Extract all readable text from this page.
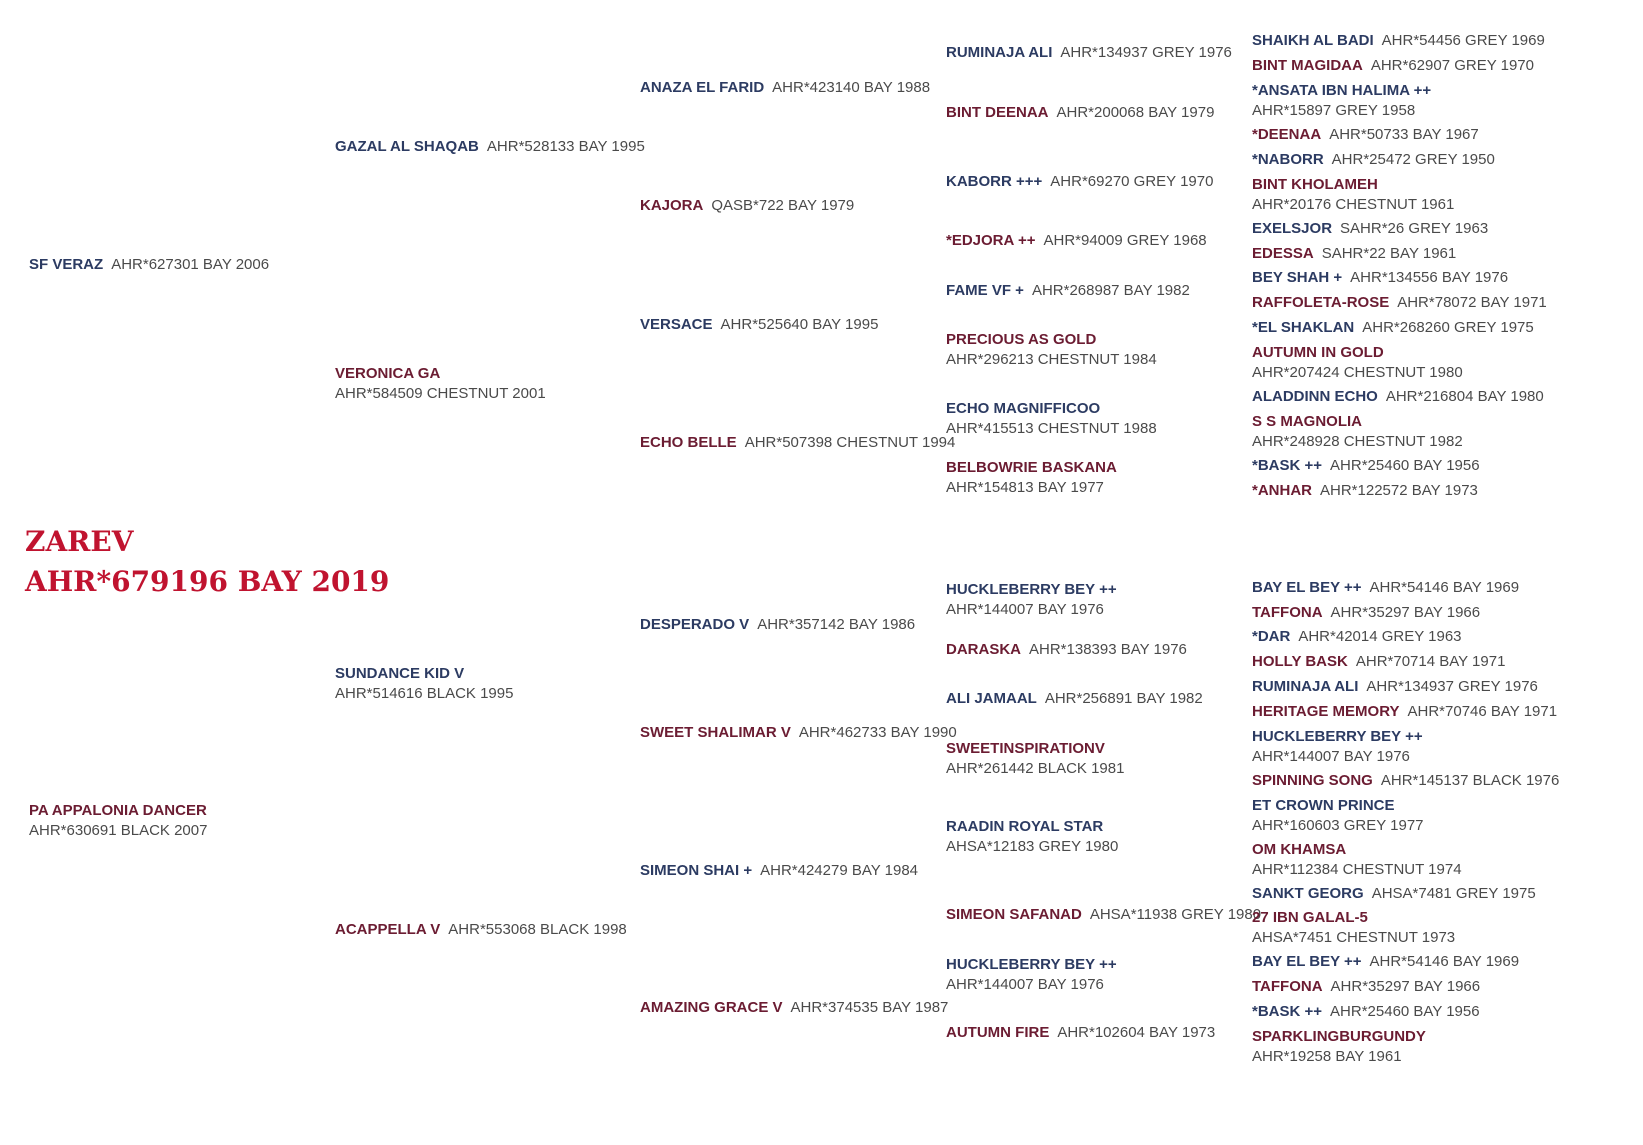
ZAREV
AHR*679196 BAY 2019
SF VERAZ AHR*627301 BAY 2006
PA APPALONIA DANCER
AHR*630691 BLACK 2007
GAZAL AL SHAQAB AHR*528133 BAY 1995
VERONICA GA
AHR*584509 CHESTNUT 2001
SUNDANCE KID V
AHR*514616 BLACK 1995
ACAPPELLA V AHR*553068 BLACK 1998
ANAZA EL FARID AHR*423140 BAY 1988
KAJORA QASB*722 BAY 1979
VERSACE AHR*525640 BAY 1995
ECHO BELLE AHR*507398 CHESTNUT 1994
DESPERADO V AHR*357142 BAY 1986
SWEET SHALIMAR V AHR*462733 BAY 1990
SIMEON SHAI + AHR*424279 BAY 1984
AMAZING GRACE V AHR*374535 BAY 1987
RUMINAJA ALI AHR*134937 GREY 1976
BINT DEENAA AHR*200068 BAY 1979
KABORR +++ AHR*69270 GREY 1970
*EDJORA ++ AHR*94009 GREY 1968
FAME VF + AHR*268987 BAY 1982
PRECIOUS AS GOLD
AHR*296213 CHESTNUT 1984
ECHO MAGNIFFICOO
AHR*415513 CHESTNUT 1988
BELBOWRIE BASKANA
AHR*154813 BAY 1977
HUCKLEBERRY BEY ++
AHR*144007 BAY 1976
DARASKA AHR*138393 BAY 1976
ALI JAMAAL AHR*256891 BAY 1982
SWEETINSPIRATIONV
AHR*261442 BLACK 1981
RAADIN ROYAL STAR
AHSA*12183 GREY 1980
SIMEON SAFANAD AHSA*11938 GREY 1980
HUCKLEBERRY BEY ++
AHR*144007 BAY 1976
AUTUMN FIRE AHR*102604 BAY 1973
SHAIKH AL BADI AHR*54456 GREY 1969
BINT MAGIDAA AHR*62907 GREY 1970
*ANSATA IBN HALIMA ++
AHR*15897 GREY 1958
*DEENAA AHR*50733 BAY 1967
*NABORR AHR*25472 GREY 1950
BINT KHOLAMEH
AHR*20176 CHESTNUT 1961
EXELSJOR SAHR*26 GREY 1963
EDESSA SAHR*22 BAY 1961
BEY SHAH + AHR*134556 BAY 1976
RAFFOLETA-ROSE AHR*78072 BAY 1971
*EL SHAKLAN AHR*268260 GREY 1975
AUTUMN IN GOLD
AHR*207424 CHESTNUT 1980
ALADDINN ECHO AHR*216804 BAY 1980
S S MAGNOLIA
AHR*248928 CHESTNUT 1982
*BASK ++ AHR*25460 BAY 1956
*ANHAR AHR*122572 BAY 1973
BAY EL BEY ++ AHR*54146 BAY 1969
TAFFONA AHR*35297 BAY 1966
*DAR AHR*42014 GREY 1963
HOLLY BASK AHR*70714 BAY 1971
RUMINAJA ALI AHR*134937 GREY 1976
HERITAGE MEMORY AHR*70746 BAY 1971
HUCKLEBERRY BEY ++
AHR*144007 BAY 1976
SPINNING SONG AHR*145137 BLACK 1976
ET CROWN PRINCE
AHR*160603 GREY 1977
OM KHAMSA
AHR*112384 CHESTNUT 1974
SANKT GEORG AHSA*7481 GREY 1975
27 IBN GALAL-5
AHSA*7451 CHESTNUT 1973
BAY EL BEY ++ AHR*54146 BAY 1969
TAFFONA AHR*35297 BAY 1966
*BASK ++ AHR*25460 BAY 1956
SPARKLINGBURGUNDY
AHR*19258 BAY 1961
